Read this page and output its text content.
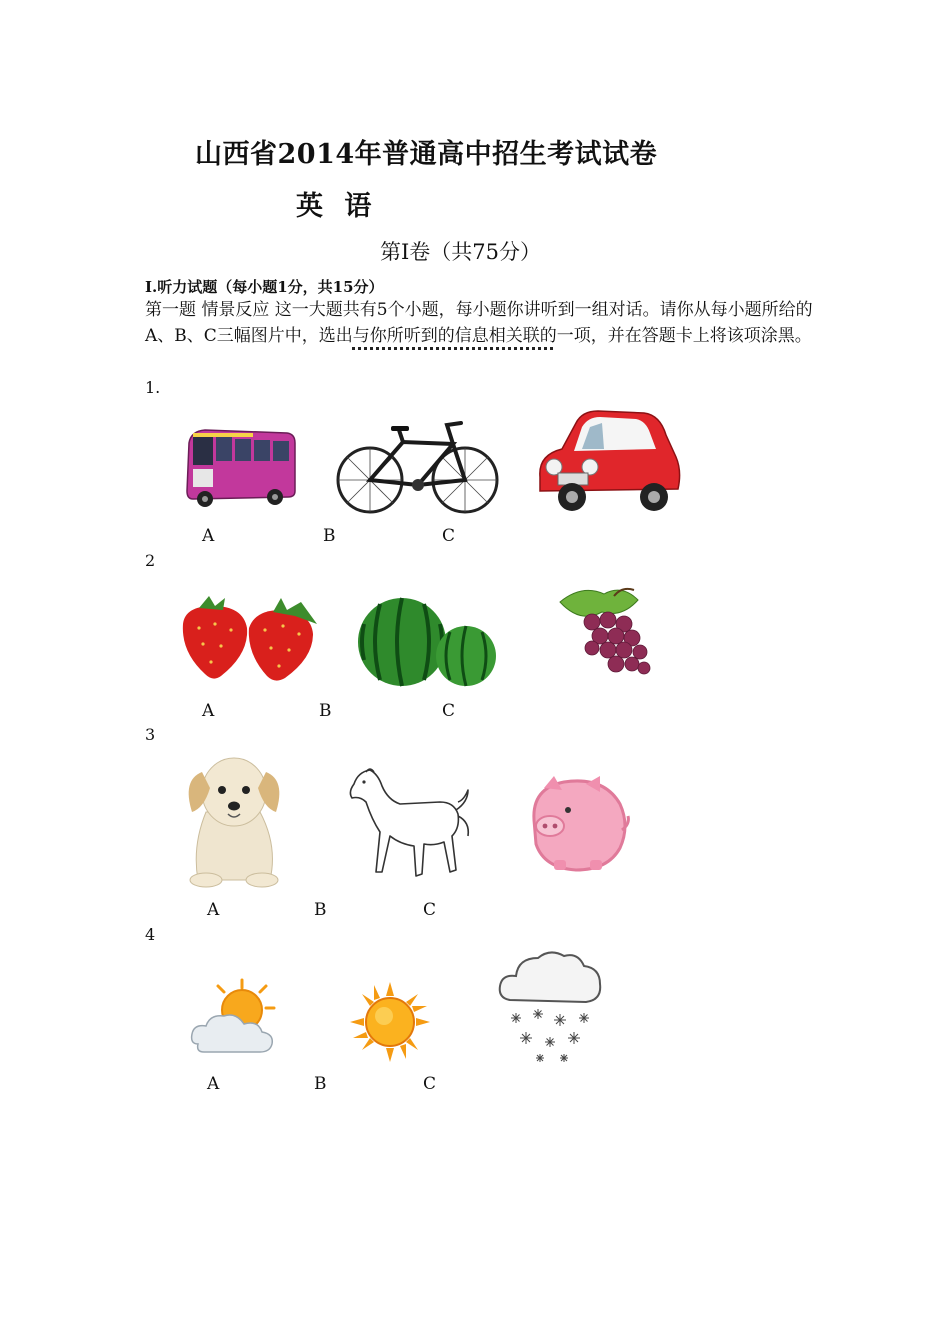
山西省2014年普通高中招生考试试卷
英 语
第I卷（共75分）
I.听力试题（每小题1分，共15分）
第一题 情景反应 这一大题共有5个小题，每小题你讲听到一组对话。请你从每小题所给的A、B、C三幅图片中，选出与你所听到的信息相关联的一项，并在答题卡上将该项涂黑。
1.
A	B	C
2
A	B	C
3
A	B	C
4
A	B	C
